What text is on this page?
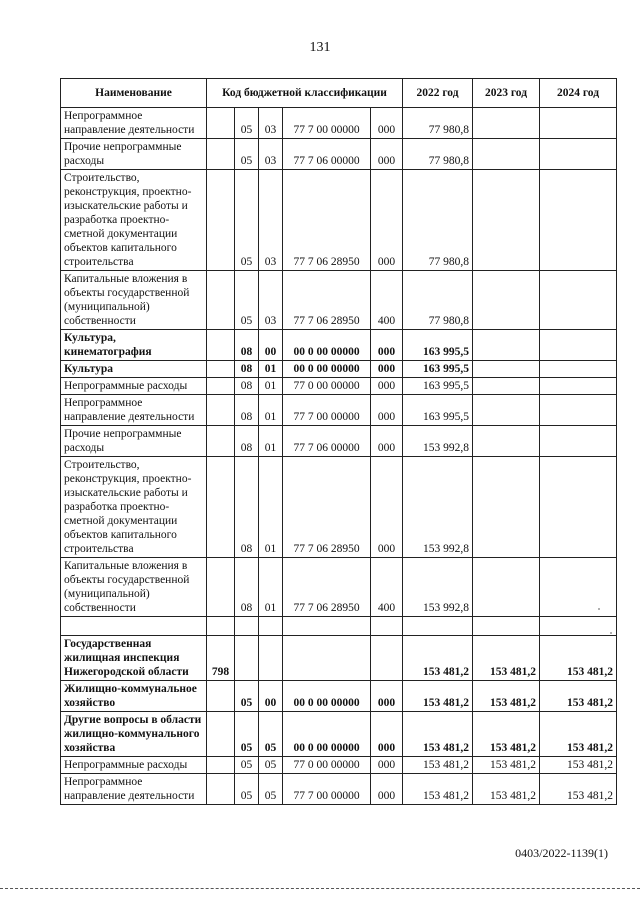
131
Наименование	Код бюджетной классификации					2022 год	2023 год	2024 год
Непрограммное направление деятельности		05	03	77 7 00 00000	000	77 980,8		
Прочие непрограммные расходы		05	03	77 7 06 00000	000	77 980,8		
Строительство, реконструкция, проектно-изыскательские работы и разработка проектно-сметной документации объектов капитального строительства		05	03	77 7 06 28950	000	77 980,8		
Капитальные вложения в объекты государственной (муниципальной) собственности		05	03	77 7 06 28950	400	77 980,8		
Культура, кинематография		08	00	00 0 00 00000	000	163 995,5		
Культура		08	01	00 0 00 00000	000	163 995,5		
Непрограммные расходы		08	01	77 0 00 00000	000	163 995,5		
Непрограммное направление деятельности		08	01	77 7 00 00000	000	163 995,5		
Прочие непрограммные расходы		08	01	77 7 06 00000	000	153 992,8		
Строительство, реконструкция, проектно-изыскательские работы и разработка проектно-сметной документации объектов капитального строительства		08	01	77 7 06 28950	000	153 992,8		
Капитальные вложения в объекты государственной (муниципальной) собственности		08	01	77 7 06 28950	400	153 992,8		

Государственная жилищная инспекция Нижегородской области	798					153 481,2	153 481,2	153 481,2
Жилищно-коммунальное хозяйство		05	00	00 0 00 00000	000	153 481,2	153 481,2	153 481,2
Другие вопросы в области жилищно-коммунального хозяйства		05	05	00 0 00 00000	000	153 481,2	153 481,2	153 481,2
Непрограммные расходы		05	05	77 0 00 00000	000	153 481,2	153 481,2	153 481,2
Непрограммное направление деятельности		05	05	77 7 00 00000	000	153 481,2	153 481,2	153 481,2
0403/2022-1139(1)
